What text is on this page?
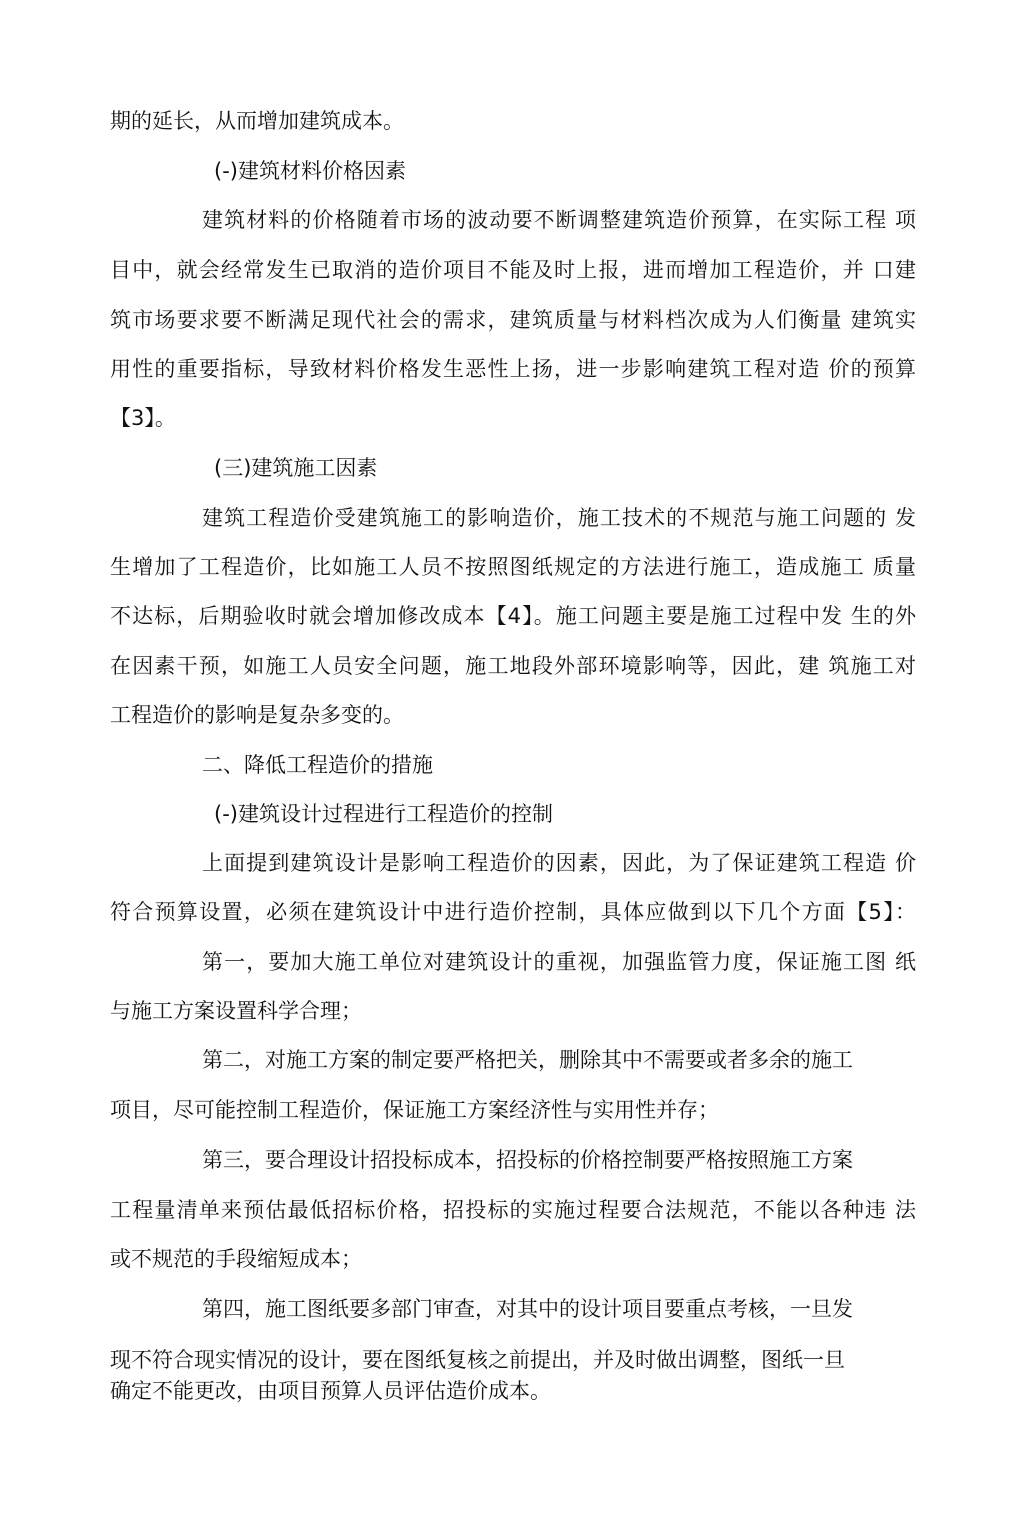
期的延长，从而增加建筑成本。
(-)建筑材料价格因素
建筑材料的价格随着市场的波动要不断调整建筑造价预算，在实际工程 项
目中，就会经常发生已取消的造价项目不能及时上报，进而增加工程造价，并 口建
筑市场要求要不断满足现代社会的需求，建筑质量与材料档次成为人们衡量 建筑实
用性的重要指标，导致材料价格发生恶性上扬，进一步影响建筑工程对造 价的预算
【3】。
(三)建筑施工因素
建筑工程造价受建筑施工的影响造价，施工技术的不规范与施工问题的 发
生增加了工程造价，比如施工人员不按照图纸规定的方法进行施工，造成施工 质量
不达标，后期验收时就会增加修改成本【4】。施工问题主要是施工过程中发 生的外
在因素干预，如施工人员安全问题，施工地段外部环境影响等，因此，建 筑施工对
工程造价的影响是复杂多变的。
二、降低工程造价的措施
(-)建筑设计过程进行工程造价的控制
上面提到建筑设计是影响工程造价的因素，因此，为了保证建筑工程造 价
符合预算设置，必须在建筑设计中进行造价控制，具体应做到以下几个方面【5】：
第一，要加大施工单位对建筑设计的重视，加强监管力度，保证施工图 纸
与施工方案设置科学合理；
第二，对施工方案的制定要严格把关，删除其中不需要或者多余的施工
项目，尽可能控制工程造价，保证施工方案经济性与实用性并存；
第三，要合理设计招投标成本，招投标的价格控制要严格按照施工方案
工程量清单来预估最低招标价格，招投标的实施过程要合法规范，不能以各种违 法
或不规范的手段缩短成本；
第四，施工图纸要多部门审查，对其中的设计项目要重点考核，一旦发
现不符合现实情况的设计，要在图纸复核之前提出，并及时做出调整，图纸一旦
确定不能更改，由项目预算人员评估造价成本。
